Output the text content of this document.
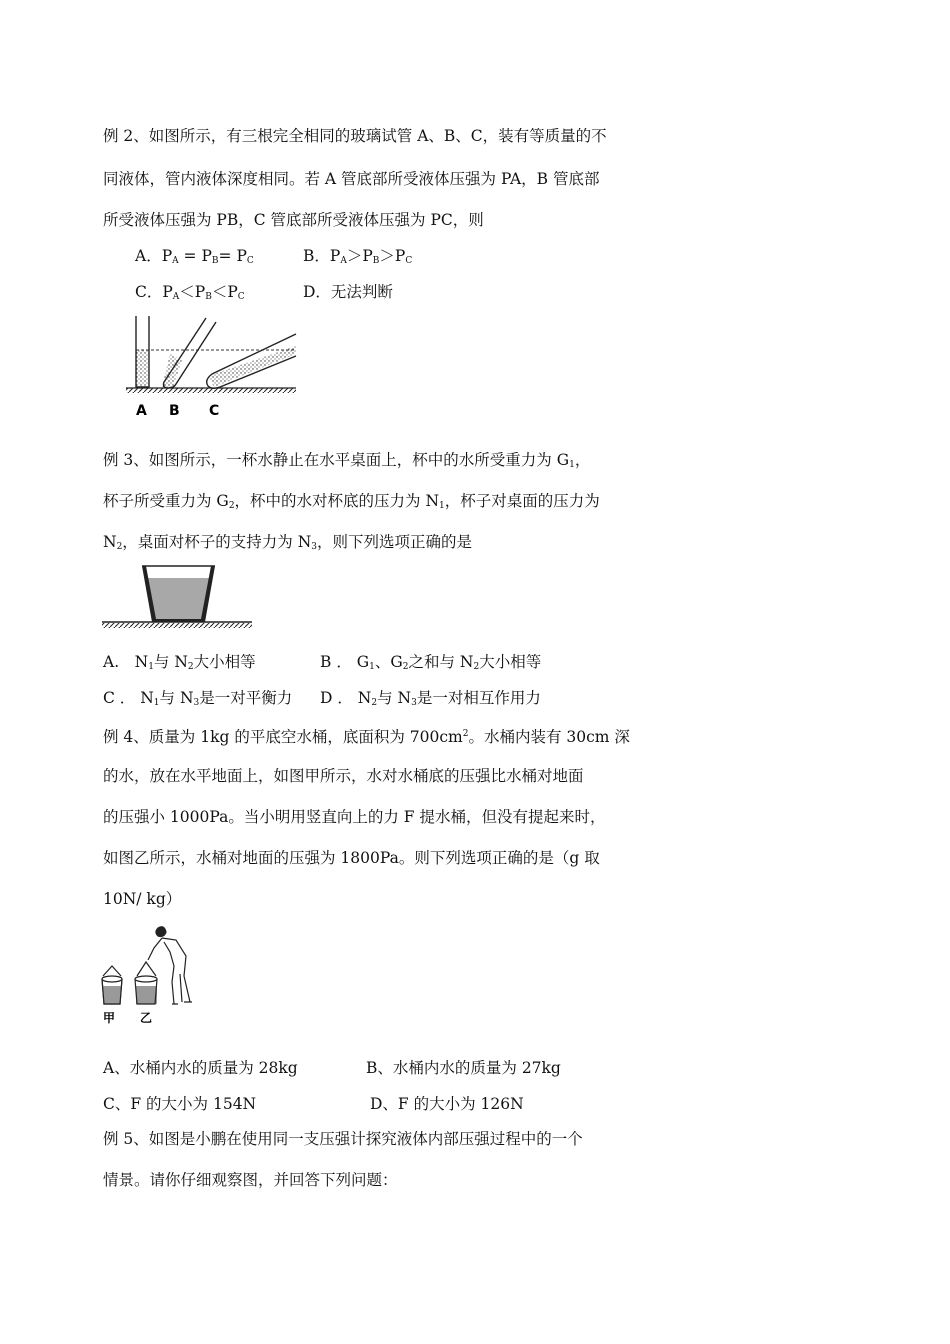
例 2、如图所示，有三根完全相同的玻璃试管 A、B、C，装有等质量的不
同液体，管内液体深度相同。若 A 管底部所受液体压强为 PA，B 管底部
所受液体压强为 PB，C 管底部所受液体压强为 PC，则
A．$P_A = P_B= P_C$	B．$P_A>P_B>P_C$
C．$P_A<P_B<P_C$	D．无法判断
A B C
例 3、如图所示，一杯水静止在水平桌面上，杯中的水所受重力为 $G_1$，
杯子所受重力为 $G_2$，杯中的水对杯底的压力为 $N_1$，杯子对桌面的压力为
$N_2$，桌面对杯子的支持力为 $N_3$，则下列选项正确的是
A.　$N_1$与 $N_2$大小相等	B ． $G_1$、$G_2$之和与 $N_2$大小相等
C ． $N_1$与 $N_3$是一对平衡力 D ． $N_2$与 $N_3$是一对相互作用力
例 4、质量为 1kg 的平底空水桶，底面积为 $700cm^2$。水桶内装有 30cm 深
的水，放在水平地面上，如图甲所示，水对水桶底的压强比水桶对地面
的压强小 1000Pa。当小明用竖直向上的力 F 提水桶，但没有提起来时，
如图乙所示，水桶对地面的压强为 1800Pa。则下列选项正确的是（g 取
10N/ kg）
甲 乙
A、水桶内水的质量为 28kg	B、水桶内水的质量为 27kg
C、F 的大小为 154N	D、F 的大小为 126N
例 5、如图是小鹏在使用同一支压强计探究液体内部压强过程中的一个
情景。请你仔细观察图，并回答下列问题：
